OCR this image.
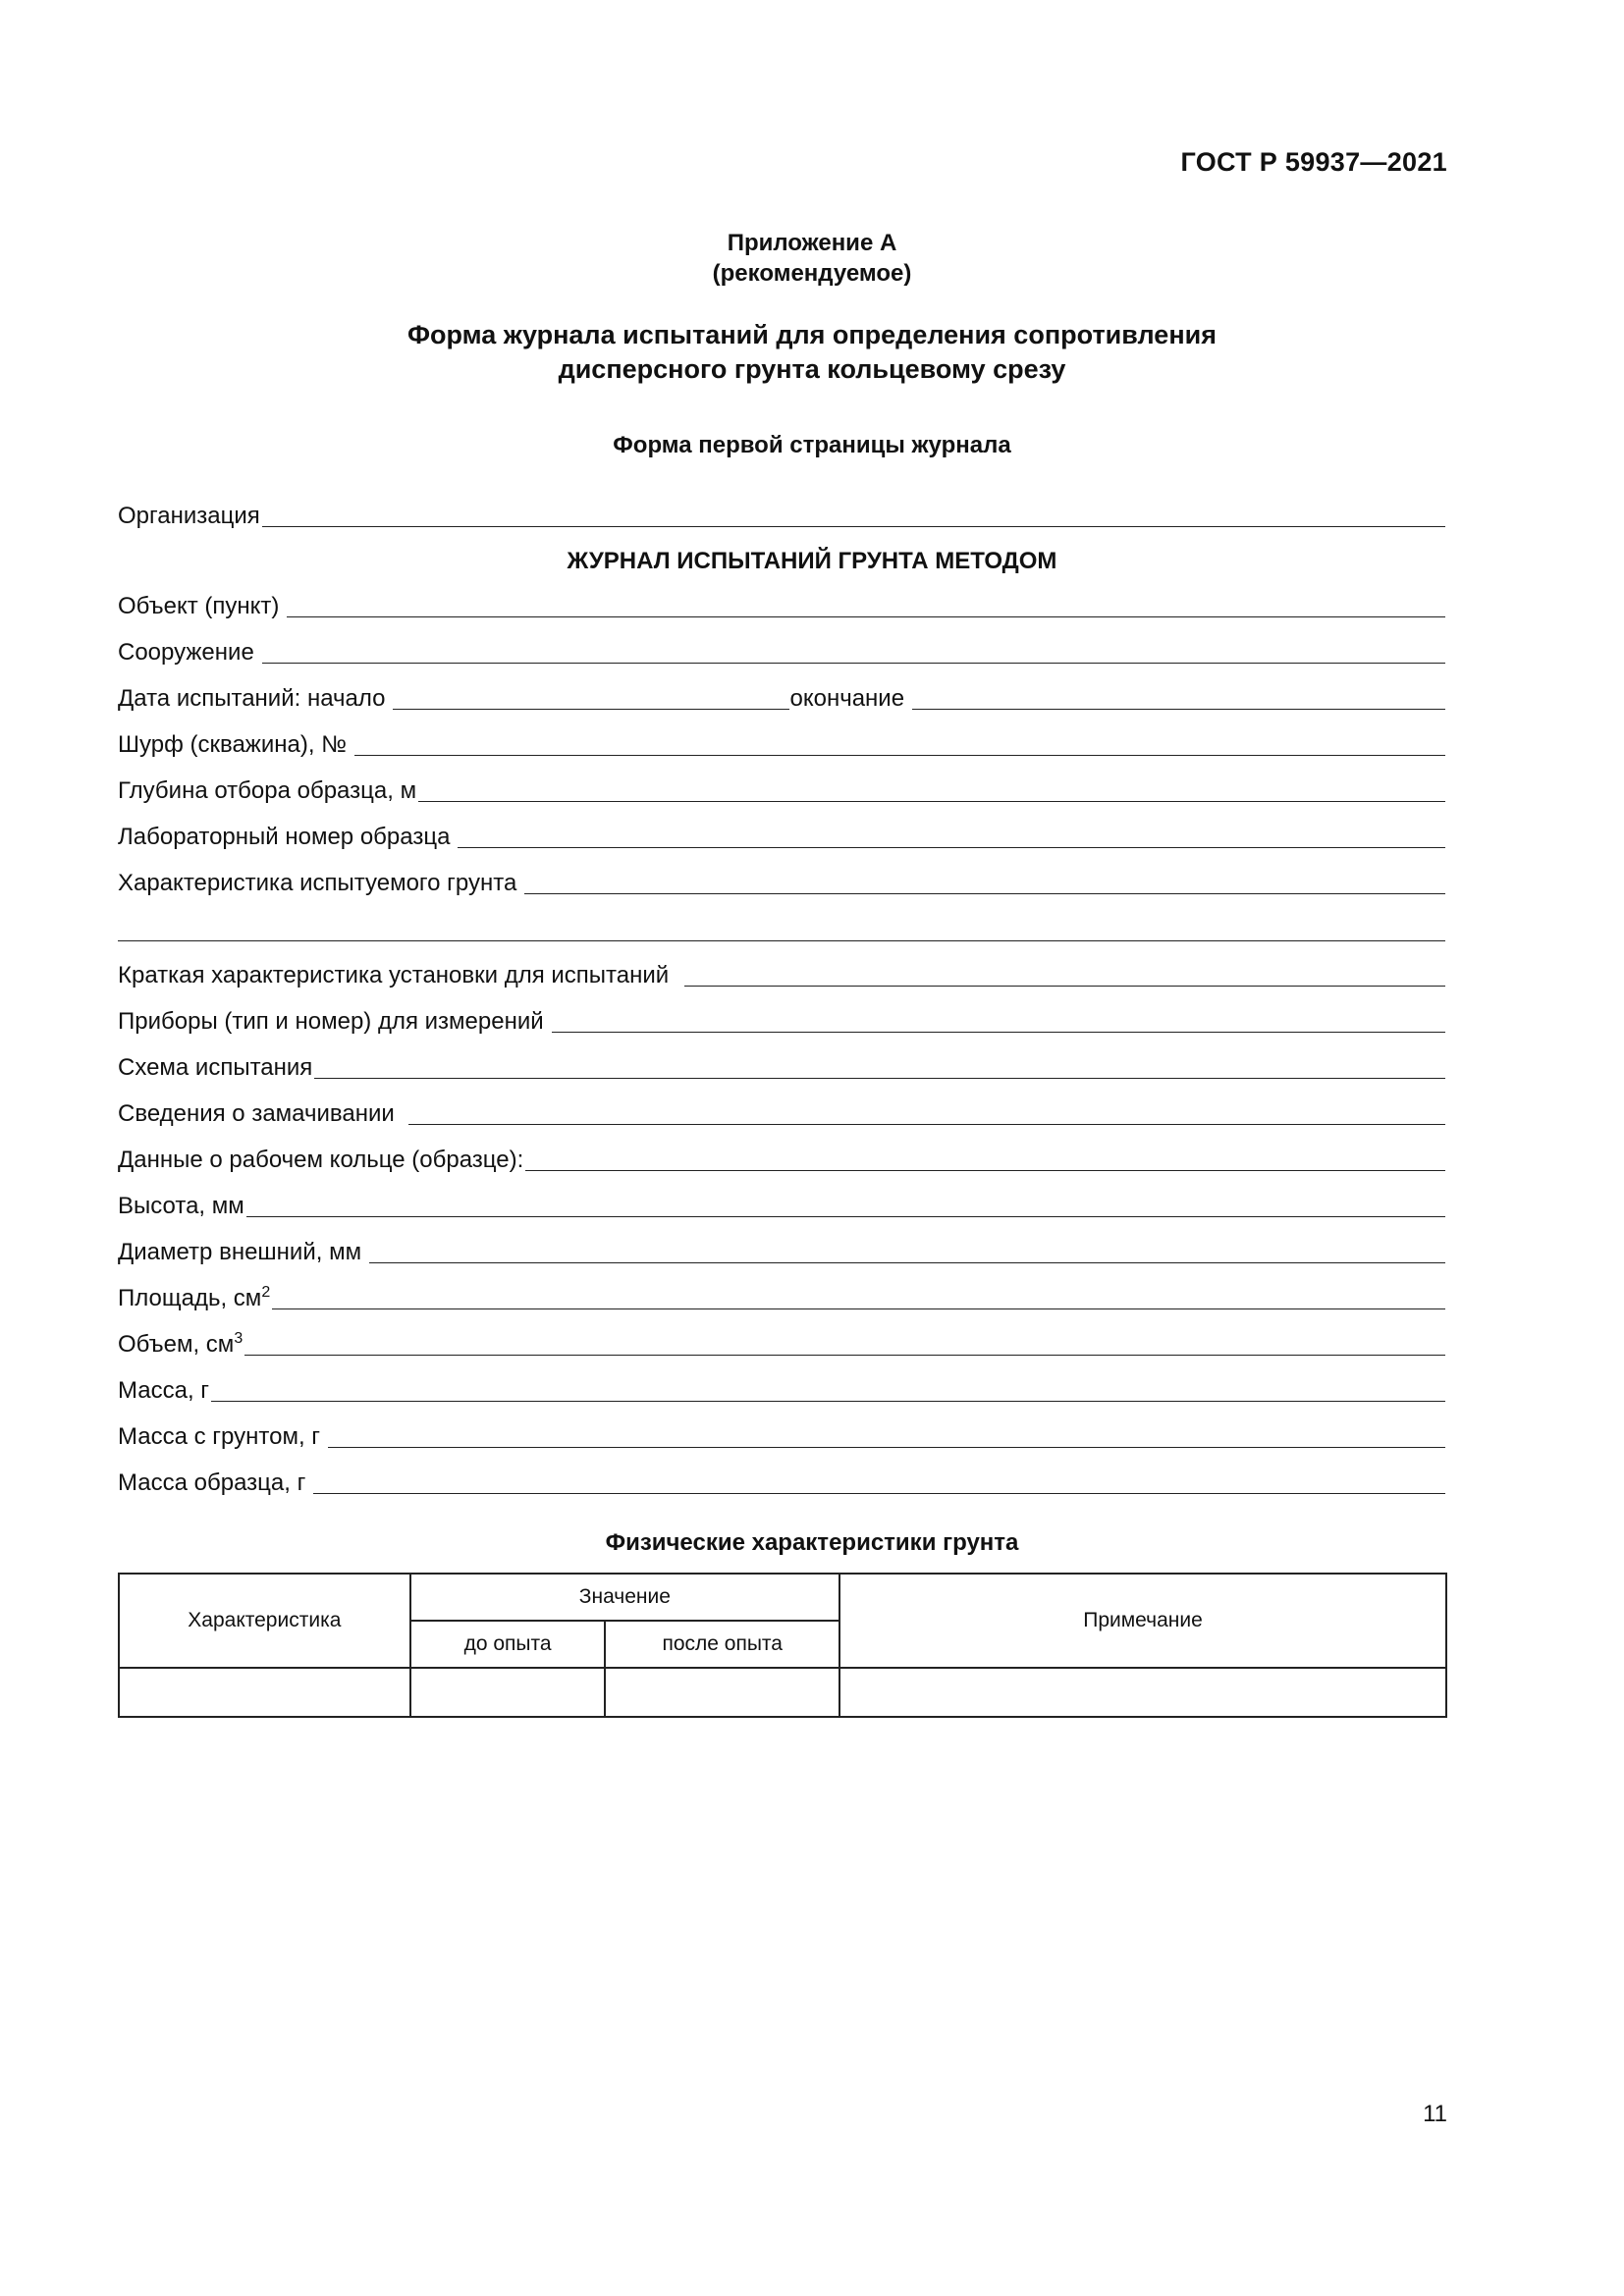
ГОСТ Р 59937—2021
Приложение А
(рекомендуемое)
Форма журнала испытаний для определения сопротивления
дисперсного грунта кольцевому срезу
Форма первой страницы журнала
Организация
Объект (пункт)
Сооружение
Дата испытаний: начало	окончание
Шурф (скважина), №
Глубина отбора образца, м
Лабораторный номер образца
Характеристика испытуемого грунта
Краткая характеристика установки для испытаний
Приборы (тип и номер) для измерений
Схема испытания
Сведения о замачивании
Данные о рабочем кольце (образце):
Высота, мм
Диаметр внешний, мм
Площадь, $см^2$
Объем, $см^3$
Масса, г
Масса с грунтом, г
Масса образца, г
ЖУРНАЛ ИСПЫТАНИЙ ГРУНТА МЕТОДОМ
Физические характеристики грунта
Характеристика	Значение		Примечание
	до опыта	после опыта	

11
